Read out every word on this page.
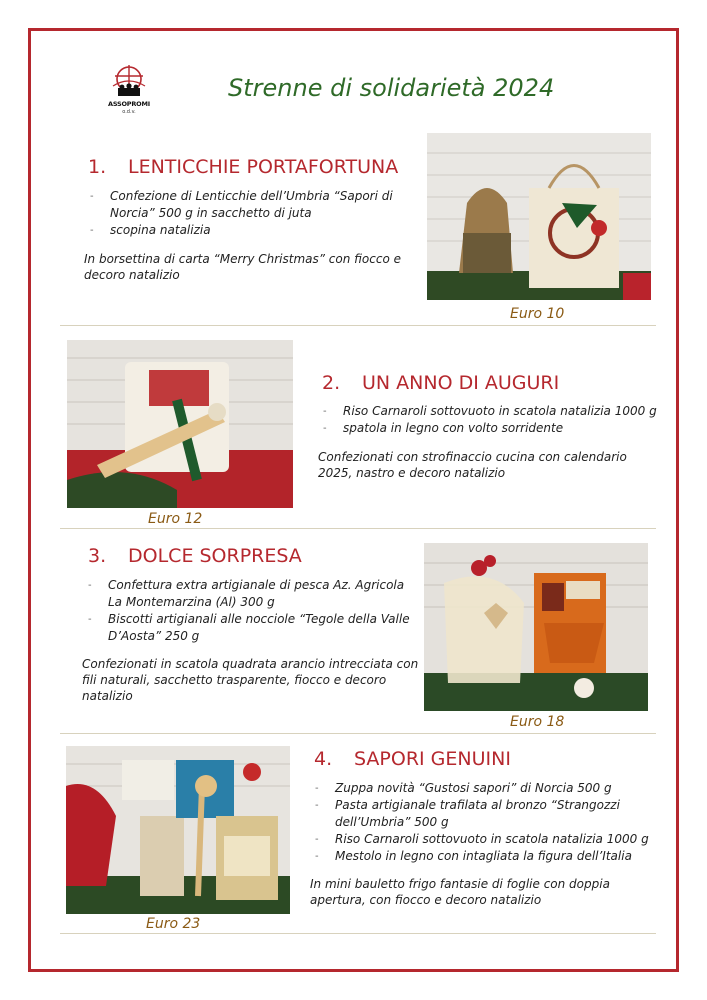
ASSOPROMI
o.d.v.
Strenne di solidarietà 2024
1. LENTICCHIE PORTAFORTUNA
- Confezione di Lenticchie dell’Umbria “Sapori di Norcia” 500 g in sacchetto di juta
- scopina natalizia
In borsettina di carta “Merry Christmas” con fiocco e decoro natalizio
Euro 10
Euro 12
2. UN ANNO DI AUGURI
- Riso Carnaroli sottovuoto in scatola natalizia 1000 g
- spatola in legno con volto sorridente
Confezionati con strofinaccio cucina con calendario 2025, nastro e decoro natalizio
3. DOLCE SORPRESA
- Confettura extra artigianale di pesca Az. Agricola La Montemarzina (Al) 300 g
- Biscotti artigianali alle nocciole “Tegole della Valle D’Aosta” 250 g
Confezionati in scatola quadrata arancio intrecciata con fili naturali, sacchetto trasparente, fiocco e decoro natalizio
Euro 18
Euro 23
4. SAPORI GENUINI
- Zuppa novità “Gustosi sapori” di Norcia 500 g
- Pasta artigianale trafilata al bronzo “Strangozzi dell’Umbria” 500 g
- Riso Carnaroli sottovuoto in scatola natalizia 1000 g
- Mestolo in legno con intagliata la figura dell’Italia
In mini bauletto frigo fantasie di foglie con doppia apertura, con fiocco e decoro natalizio
